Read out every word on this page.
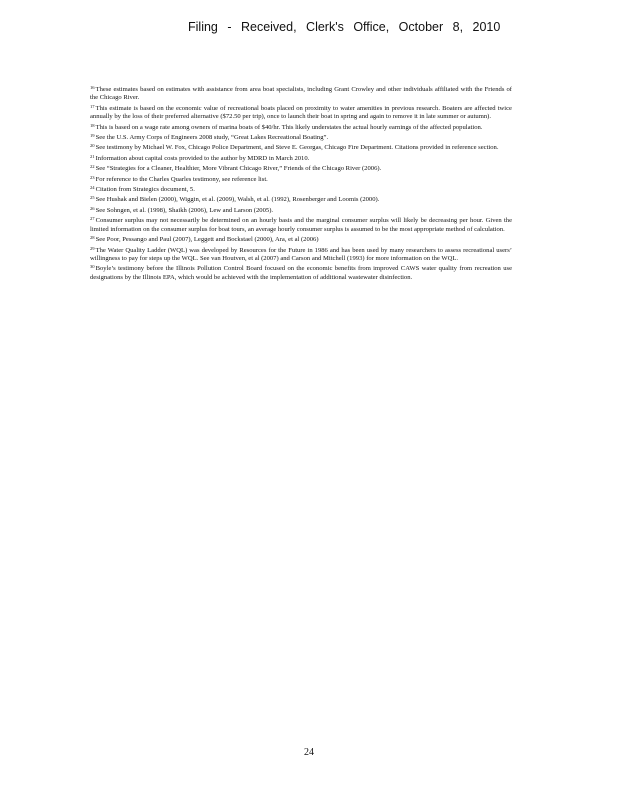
Filing - Received, Clerk's Office, October 8, 2010

$^{16}$These estimates based on estimates with assistance from area boat specialists, including Grant Crowley and other individuals affiliated with the Friends of the Chicago River.

$^{17}$This estimate is based on the economic value of recreational boats placed on proximity to water amenities in previous research. Boaters are affected twice annually by the loss of their preferred alternative ($72.50 per trip), once to launch their boat in spring and again to remove it in late summer or autumn).

$^{18}$This is based on a wage rate among owners of marina boats of $40/hr. This likely understates the actual hourly earnings of the affected population.

$^{19}$See the U.S. Army Corps of Engineers 2008 study, “Great Lakes Recreational Boating”.

$^{20}$See testimony by Michael W. Fox, Chicago Police Department, and Steve E. Georgas, Chicago Fire Department. Citations provided in reference section.

$^{21}$Information about capital costs provided to the author by MDRD in March 2010.

$^{22}$See “Strategies for a Cleaner, Healthier, More Vibrant Chicago River,” Friends of the Chicago River (2006).

$^{23}$For reference to the Charles Quarles testimony, see reference list.

$^{24}$Citation from Strategics document, 5.

$^{25}$See Hushak and Bielen (2000), Wiggin, et al. (2009), Walsh, et al. (1992), Rosenberger and Loomis (2000).

$^{26}$See Sohngen, et al. (1998), Shaikh (2006), Lew and Larson (2005).

$^{27}$Consumer surplus may not necessarily be determined on an hourly basis and the marginal consumer surplus will likely be decreasing per hour. Given the limited information on the consumer surplus for boat tours, an average hourly consumer surplus is assumed to be the most appropriate method of calculation.

$^{28}$See Poor, Pessango and Paul (2007), Leggett and Bockstael (2000), Ara, et al (2006)

$^{29}$The Water Quality Ladder (WQL) was developed by Resources for the Future in 1986 and has been used by many researchers to assess recreational users’ willingness to pay for steps up the WQL. See van Houtven, et al (2007) and Carson and Mitchell (1993) for more information on the WQL.

$^{30}$Boyle’s testimony before the Illinois Pollution Control Board focused on the economic benefits from improved CAWS water quality from recreation use designations by the Illinois EPA, which would be achieved with the implementation of additional wastewater disinfection.

24
